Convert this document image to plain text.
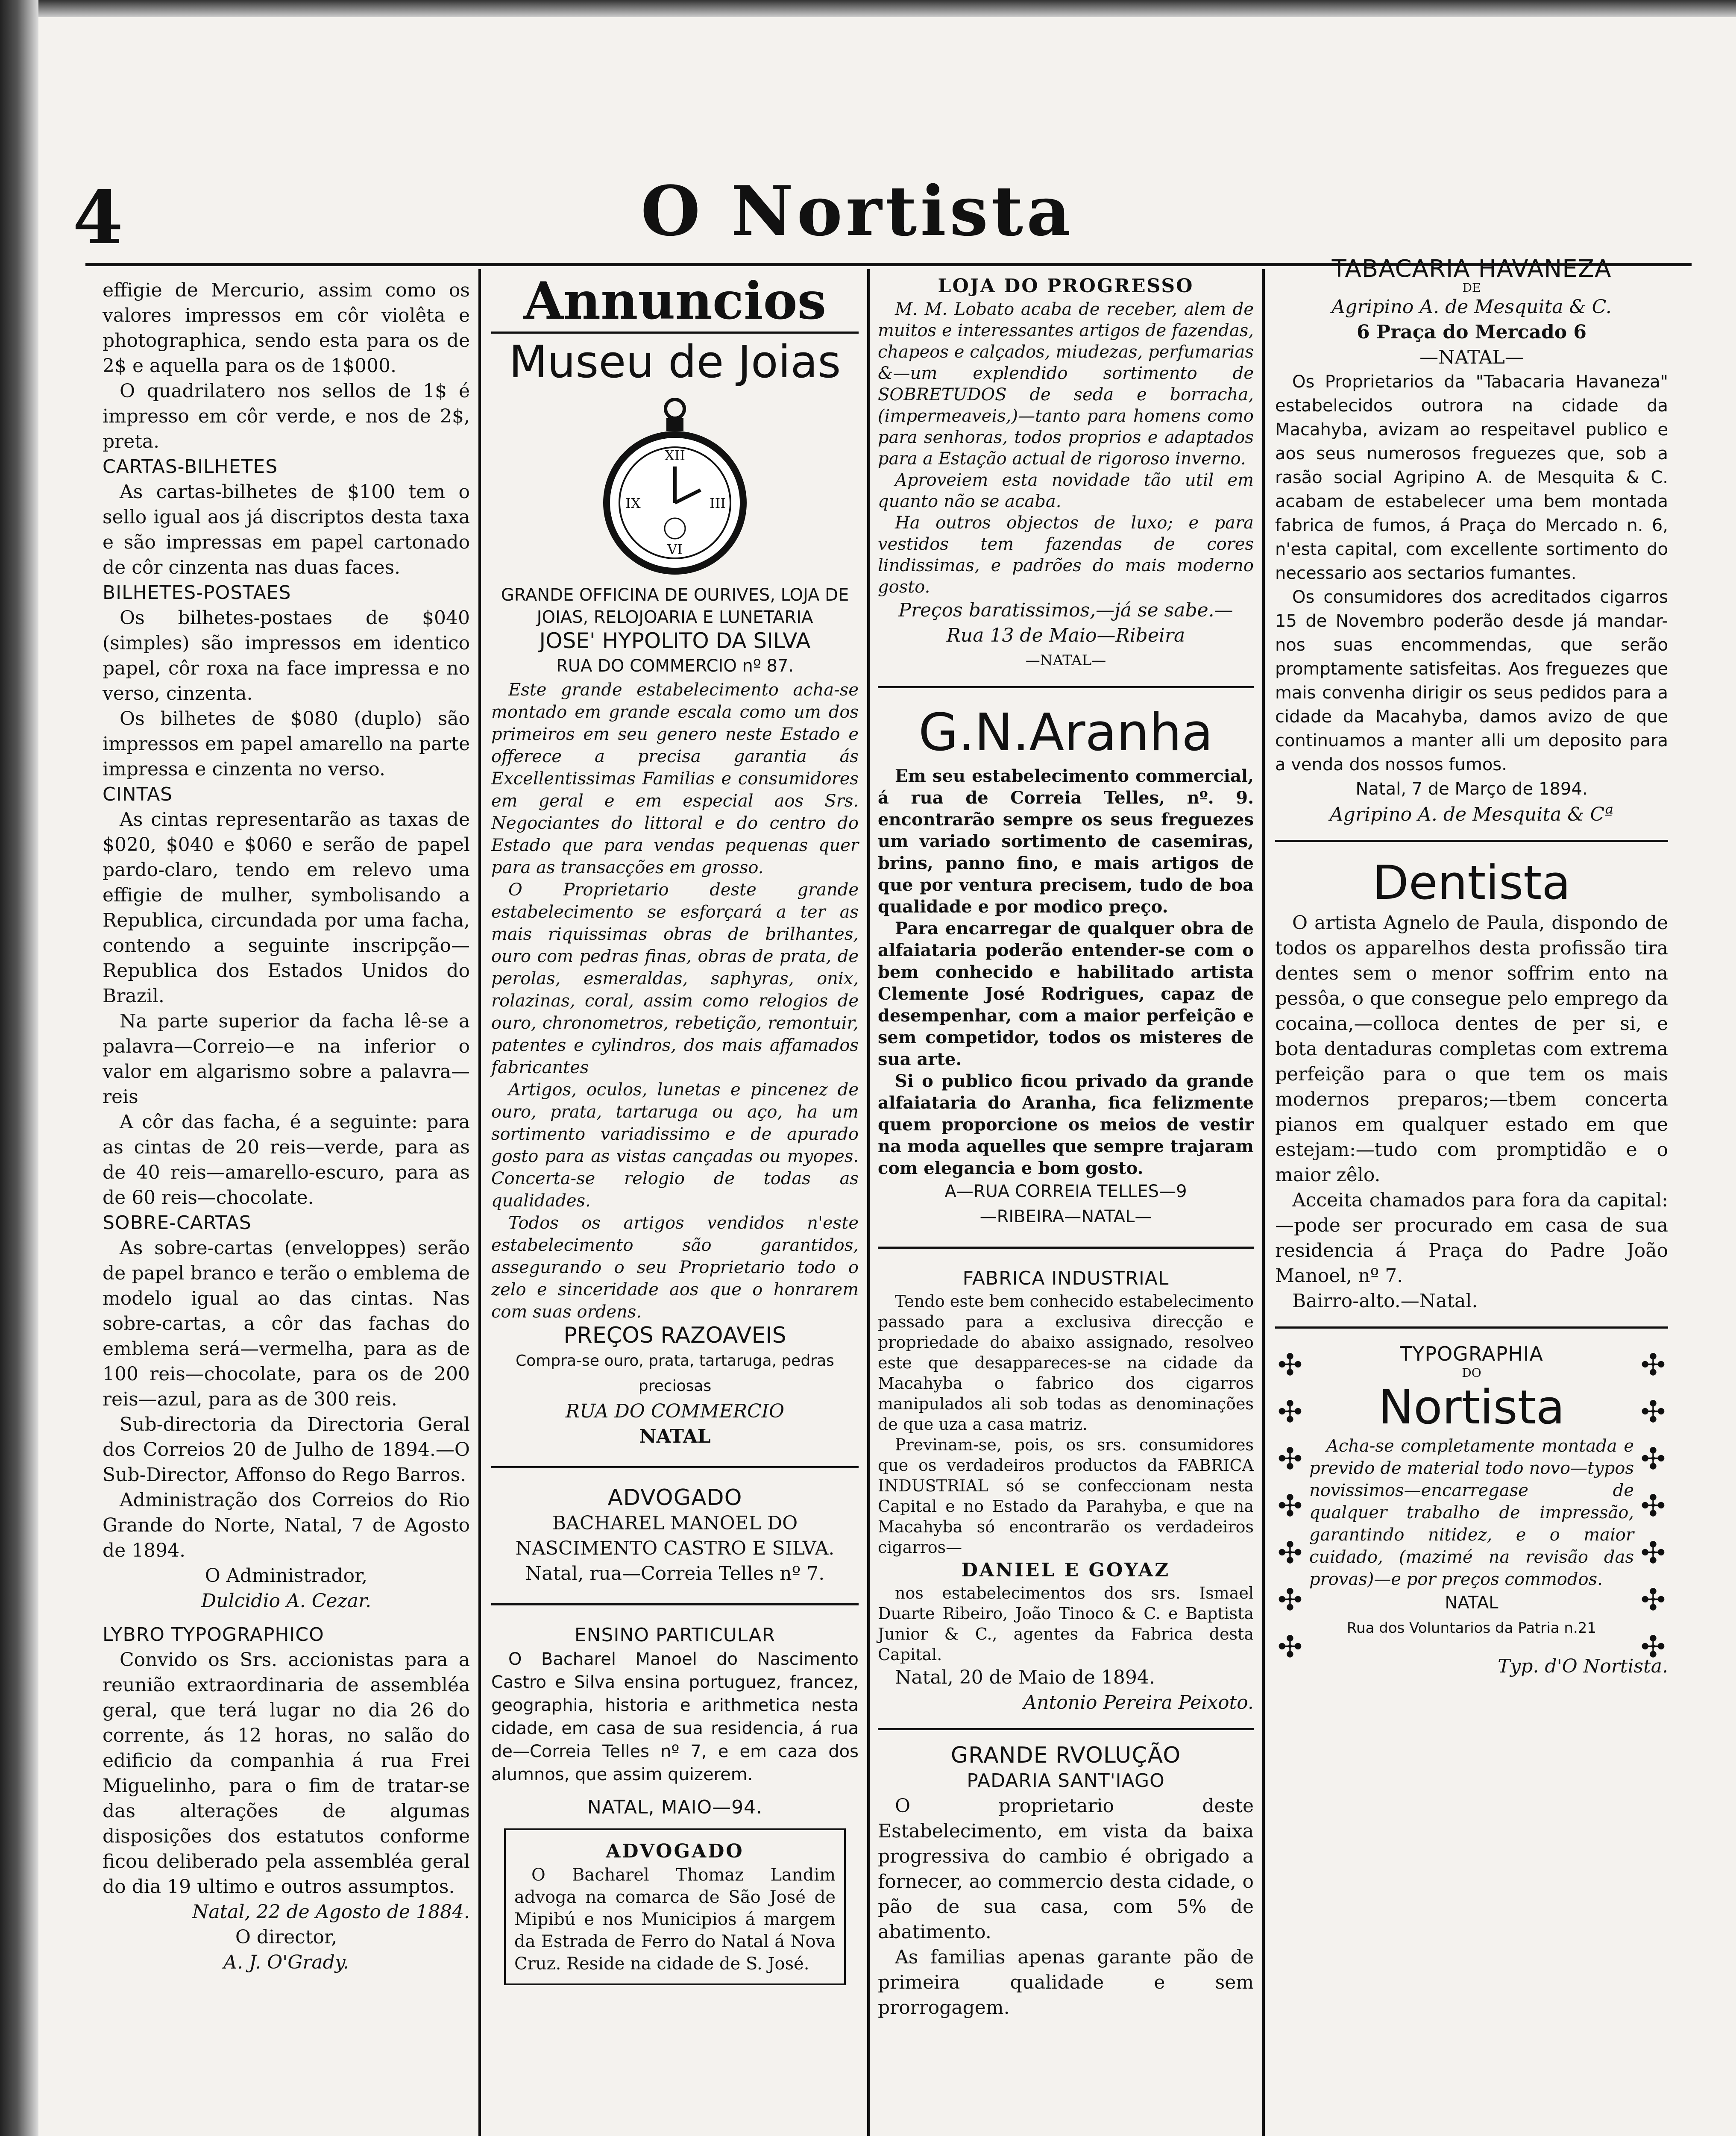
4	O Nortista

effigie de Mercurio, assim como os valores impressos em côr violêta e photographica, sendo esta para os de 2$ e aquella para os de 1$000.

O quadrilatero nos sellos de 1$ é impresso em côr verde, e nos de 2$, preta.

CARTAS-BILHETES

As cartas-bilhetes de $100 tem o sello igual aos já discriptos desta taxa e são impressas em papel cartonado de côr cinzenta nas duas faces.

BILHETES-POSTAES

Os bilhetes-postaes de $040 (simples) são impressos em identico papel, côr roxa na face impressa e no verso, cinzenta.

Os bilhetes de $080 (duplo) são impressos em papel amarello na parte impressa e cinzenta no verso.

CINTAS

As cintas representarão as taxas de $020, $040 e $060 e serão de papel pardo-claro, tendo em relevo uma effigie de mulher, symbolisando a Republica, circundada por uma facha, contendo a seguinte inscripção—Republica dos Estados Unidos do Brazil.

Na parte superior da facha lê-se a palavra—Correio—e na inferior o valor em algarismo sobre a palavra—reis

A côr das facha, é a seguinte: para as cintas de 20 reis—verde, para as de 40 reis—amarello-escuro, para as de 60 reis—chocolate.

SOBRE-CARTAS

As sobre-cartas (enveloppes) serão de papel branco e terão o emblema de modelo igual ao das cintas. Nas sobre-cartas, a côr das fachas do emblema será—vermelha, para as de 100 reis—chocolate, para os de 200 reis—azul, para as de 300 reis.

Sub-directoria da Directoria Geral dos Correios 20 de Julho de 1894.—O Sub-Director, Affonso do Rego Barros.

Administração dos Correios do Rio Grande do Norte, Natal, 7 de Agosto de 1894.

O Administrador,

Dulcidio A. Cezar.

LYBRO TYPOGRAPHICO

Convido os Srs. accionistas para a reunião extraordinaria de assembléa geral, que terá lugar no dia 26 do corrente, ás 12 horas, no salão do edificio da companhia á rua Frei Miguelinho, para o fim de tratar-se das alterações de algumas disposições dos estatutos conforme ficou deliberado pela assembléa geral do dia 19 ultimo e outros assumptos.

Natal, 22 de Agosto de 1884.

O director,

A. J. O'Grady.

Annuncios
Museu de Joias
XII
III
VI
IX

GRANDE OFFICINA DE OURIVES, LOJA DE JOIAS, RELOJOARIA E LUNETARIA

JOSE' HYPOLITO DA SILVA

RUA DO COMMERCIO nº 87.

Este grande estabelecimento acha-se montado em grande escala como um dos primeiros em seu genero neste Estado e offerece a precisa garantia ás Excellentissimas Familias e consumidores em geral e em especial aos Srs. Negociantes do littoral e do centro do Estado que para vendas pequenas quer para as transacções em grosso.

O Proprietario deste grande estabelecimento se esforçará a ter as mais riquissimas obras de brilhantes, ouro com pedras finas, obras de prata, de perolas, esmeraldas, saphyras, onix, rolazinas, coral, assim como relogios de ouro, chronometros, rebetição, remontuir, patentes e cylindros, dos mais affamados fabricantes

Artigos, oculos, lunetas e pincenez de ouro, prata, tartaruga ou aço, ha um sortimento variadissimo e de apurado gosto para as vistas cançadas ou myopes. Concerta-se relogio de todas as qualidades.

Todos os artigos vendidos n'este estabelecimento são garantidos, assegurando o seu Proprietario todo o zelo e sinceridade aos que o honrarem com suas ordens.

PREÇOS RAZOAVEIS

Compra-se ouro, prata, tartaruga, pedras preciosas

RUA DO COMMERCIO

NATAL

ADVOGADO

BACHAREL MANOEL DO NASCIMENTO CASTRO E SILVA.

Natal, rua—Correia Telles nº 7.

ENSINO PARTICULAR

O Bacharel Manoel do Nascimento Castro e Silva ensina portuguez, francez, geographia, historia e arithmetica nesta cidade, em casa de sua residencia, á rua de—Correia Telles nº 7, e em caza dos alumnos, que assim quizerem.

NATAL, MAIO—94.

ADVOGADO

O Bacharel Thomaz Landim advoga na comarca de São José de Mipibú e nos Municipios á margem da Estrada de Ferro do Natal á Nova Cruz. Reside na cidade de S. José.

LOJA DO PROGRESSO

M. M. Lobato acaba de receber, alem de muitos e interessantes artigos de fazendas, chapeos e calçados, miudezas, perfumarias &—um explendido sortimento de SOBRETUDOS de seda e borracha, (impermeaveis,)—tanto para homens como para senhoras, todos proprios e adaptados para a Estação actual de rigoroso inverno.

Aproveiem esta novidade tão util em quanto não se acaba.

Ha outros objectos de luxo; e para vestidos tem fazendas de cores lindissimas, e padrões do mais moderno gosto.

Preços baratissimos,—já se sabe.—

Rua 13 de Maio—Ribeira

—NATAL—

G.N.Aranha

Em seu estabelecimento commercial, á rua de Correia Telles, nº. 9. encontrarão sempre os seus freguezes um variado sortimento de casemiras, brins, panno fino, e mais artigos de que por ventura precisem, tudo de boa qualidade e por modico preço.

Para encarregar de qualquer obra de alfaiataria poderão entender-se com o bem conhecido e habilitado artista Clemente José Rodrigues, capaz de desempenhar, com a maior perfeição e sem competidor, todos os misteres de sua arte.

Si o publico ficou privado da grande alfaiataria do Aranha, fica felizmente quem proporcione os meios de vestir na moda aquelles que sempre trajaram com elegancia e bom gosto.

A—RUA CORREIA TELLES—9

—RIBEIRA—NATAL—

FABRICA INDUSTRIAL

Tendo este bem conhecido estabelecimento passado para a exclusiva direcção e propriedade do abaixo assignado, resolveo este que desappareces-se na cidade da Macahyba o fabrico dos cigarros manipulados ali sob todas as denominações de que uza a casa matriz.

Previnam-se, pois, os srs. consumidores que os verdadeiros productos da FABRICA INDUSTRIAL só se confeccionam nesta Capital e no Estado da Parahyba, e que na Macahyba só encontrarão os verdadeiros cigarros—

DANIEL E GOYAZ

nos estabelecimentos dos srs. Ismael Duarte Ribeiro, João Tinoco & C. e Baptista Junior & C., agentes da Fabrica desta Capital.

Natal, 20 de Maio de 1894.

Antonio Pereira Peixoto.

GRANDE RVOLUÇÃO

PADARIA SANT'IAGO

O proprietario deste Estabelecimento, em vista da baixa progressiva do cambio é obrigado a fornecer, ao commercio desta cidade, o pão de sua casa, com 5% de abatimento.

As familias apenas garante pão de primeira qualidade e sem prorrogagem.

TABACARIA HAVANEZA

DE

Agripino A. de Mesquita & C.

6 Praça do Mercado 6

—NATAL—

Os Proprietarios da "Tabacaria Havaneza" estabelecidos outrora na cidade da Macahyba, avizam ao respeitavel publico e aos seus numerosos freguezes que, sob a rasão social Agripino A. de Mesquita & C. acabam de estabelecer uma bem montada fabrica de fumos, á Praça do Mercado n. 6, n'esta capital, com excellente sortimento do necessario aos sectarios fumantes.

Os consumidores dos acreditados cigarros 15 de Novembro poderão desde já mandar-nos suas encommendas, que serão promptamente satisfeitas. Aos freguezes que mais convenha dirigir os seus pedidos para a cidade da Macahyba, damos avizo de que continuamos a manter alli um deposito para a venda dos nossos fumos.

Natal, 7 de Março de 1894.

Agripino A. de Mesquita & Cª

Dentista

O artista Agnelo de Paula, dispondo de todos os apparelhos desta profissão tira dentes sem o menor soffrim ento na pessôa, o que consegue pelo emprego da cocaina,—colloca dentes de per si, e bota dentaduras completas com extrema perfeição para o que tem os mais modernos preparos;—tbem concerta pianos em qualquer estado em que estejam:—tudo com promptidão e o maior zêlo.

Acceita chamados para fora da capital:—pode ser procurado em casa de sua residencia á Praça do Padre João Manoel, nº 7.

Bairro-alto.—Natal.

✣
✣
✣
✣
✣
✣
✣
✣
✣
✣
✣
✣
✣
✣

TYPOGRAPHIA

DO

Nortista

Acha-se completamente montada e prevido de material todo novo—typos novissimos—encarregase de qualquer trabalho de impressão, garantindo nitidez, e o maior cuidado, (mazimé na revisão das provas)—e por preços commodos.

NATAL

Rua dos Voluntarios da Patria n.21

Typ. d'O Nortista.
